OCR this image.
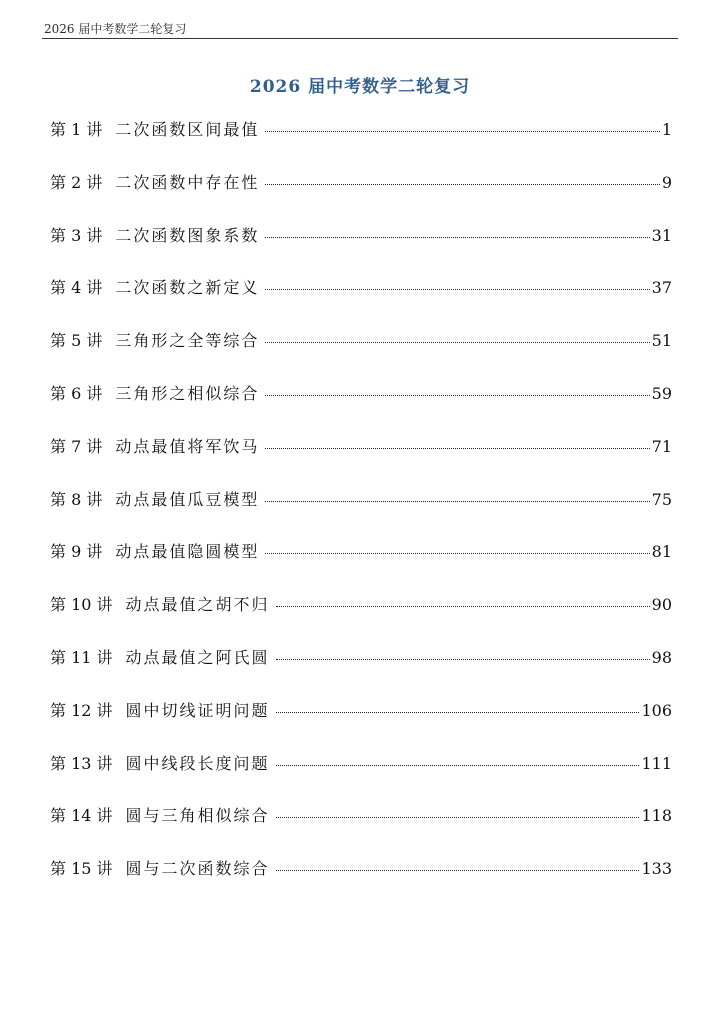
2026 届中考数学二轮复习
2026 届中考数学二轮复习
第 1 讲 二次函数区间最值	1
第 2 讲 二次函数中存在性	9
第 3 讲 二次函数图象系数	31
第 4 讲 二次函数之新定义	37
第 5 讲 三角形之全等综合	51
第 6 讲 三角形之相似综合	59
第 7 讲 动点最值将军饮马	71
第 8 讲 动点最值瓜豆模型	75
第 9 讲 动点最值隐圆模型	81
第 10 讲 动点最值之胡不归	90
第 11 讲 动点最值之阿氏圆	98
第 12 讲 圆中切线证明问题	106
第 13 讲 圆中线段长度问题	111
第 14 讲 圆与三角相似综合	118
第 15 讲 圆与二次函数综合	133
